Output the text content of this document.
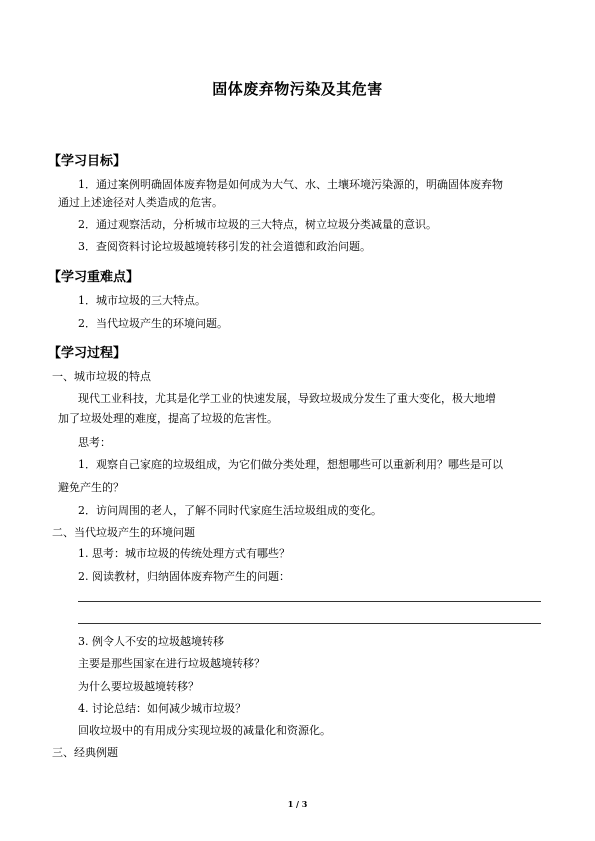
固体废弃物污染及其危害
【学习目标】
1．通过案例明确固体废弃物是如何成为大气、水、土壤环境污染源的，明确固体废弃物
通过上述途径对人类造成的危害。
2．通过观察活动，分析城市垃圾的三大特点，树立垃圾分类减量的意识。
3．查阅资料讨论垃圾越境转移引发的社会道德和政治问题。
【学习重难点】
1．城市垃圾的三大特点。
2．当代垃圾产生的环境问题。
【学习过程】
一、城市垃圾的特点
现代工业科技，尤其是化学工业的快速发展，导致垃圾成分发生了重大变化，极大地增
加了垃圾处理的难度，提高了垃圾的危害性。
思考：
1．观察自己家庭的垃圾组成，为它们做分类处理，想想哪些可以重新利用？哪些是可以
避免产生的？
2．访问周围的老人，了解不同时代家庭生活垃圾组成的变化。
二、当代垃圾产生的环境问题
1. 思考：城市垃圾的传统处理方式有哪些？
2. 阅读教材，归纳固体废弃物产生的问题：
3. 例令人不安的垃圾越境转移
主要是那些国家在进行垃圾越境转移？
为什么要垃圾越境转移？
4. 讨论总结：如何减少城市垃圾？
回收垃圾中的有用成分实现垃圾的减量化和资源化。
三、经典例题
1 / 3
